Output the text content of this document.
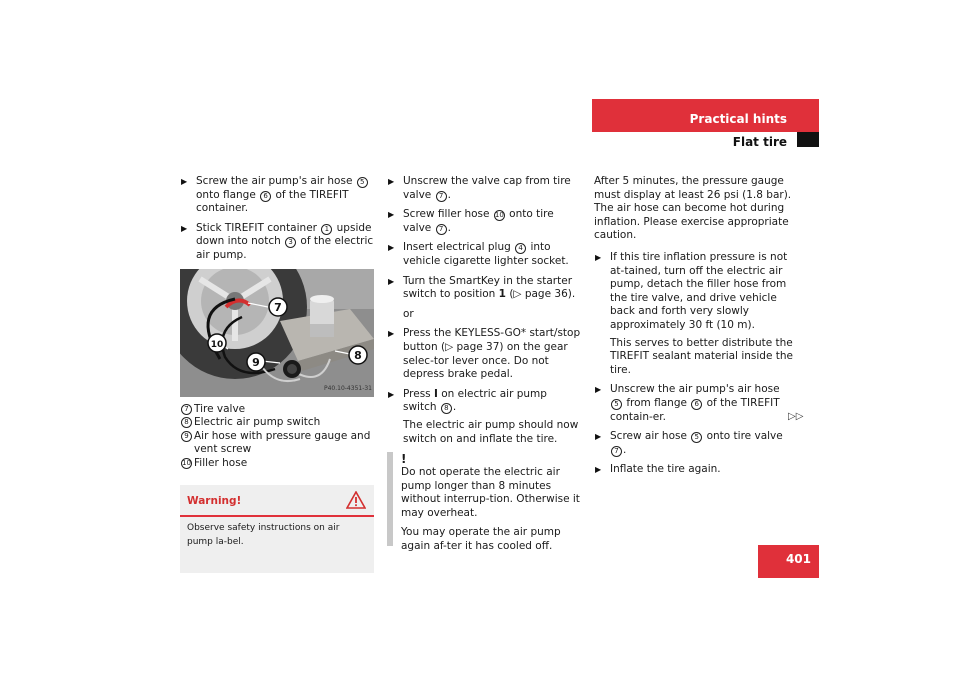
Practical hints
Flat tire
▶ Screw the air pump's air hose 5 onto flange 6 of the TIREFIT container.
▶ Stick TIREFIT container 1 upside down into notch 3 of the electric air pump.
7
10
9
8
P40.10-4351-31
7 Tire valve
8 Electric air pump switch
9 Air hose with pressure gauge and vent screw
10 Filler hose
Warning!
Observe safety instructions on air pump la-bel.
▶ Unscrew the valve cap from tire valve 7 .
▶ Screw filler hose 10 onto tire valve 7 .
▶ Insert electrical plug 4 into vehicle cigarette lighter socket.
▶ Turn the SmartKey in the starter switch to position 1 (▷ page 36).
or
▶ Press the KEYLESS-GO* start/stop button (▷ page 37) on the gear selec-tor lever once. Do not depress brake pedal.
▶ Press I on electric air pump switch 8 .
The electric air pump should now switch on and inflate the tire.
!
Do not operate the electric air pump longer than 8 minutes without interrup-tion. Otherwise it may overheat.
You may operate the air pump again af-ter it has cooled off.
After 5 minutes, the pressure gauge must display at least 26 psi (1.8 bar). The air hose can become hot during inflation. Please exercise appropriate caution.
▶ If this tire inflation pressure is not at-tained, turn off the electric air pump, detach the filler hose from the tire valve, and drive vehicle back and forth very slowly approximately 30 ft (10 m).
This serves to better distribute the TIREFIT sealant material inside the tire.
▶ Unscrew the air pump's air hose 5 from flange 6 of the TIREFIT contain-er.
▶ Screw air hose 5 onto tire valve 7 .
▶ Inflate the tire again.
▷▷
401
